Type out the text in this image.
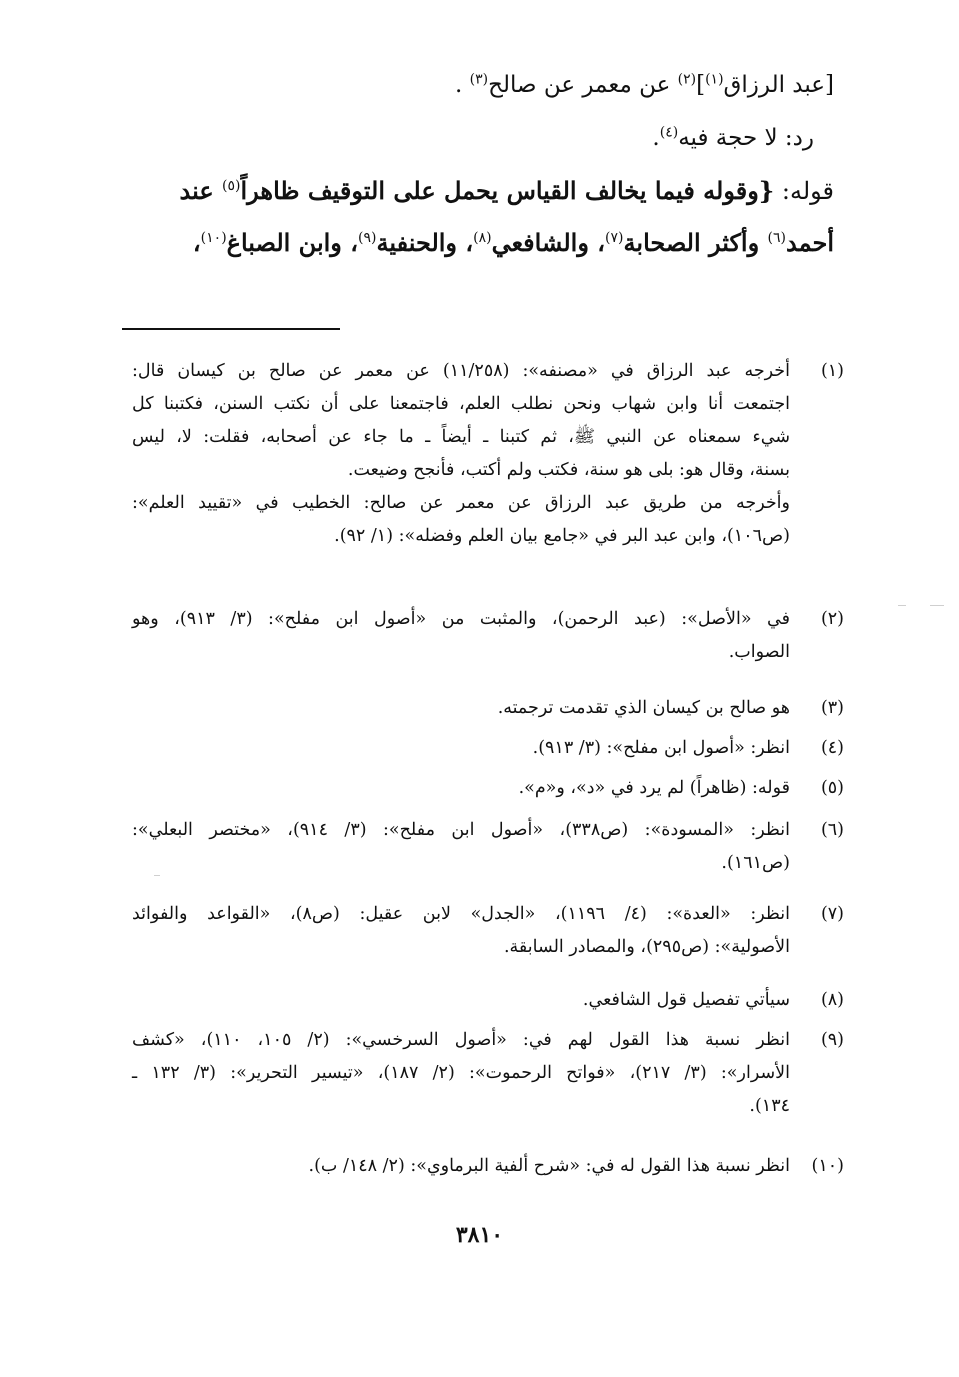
[عبد الرزاق$^{(١)}$]$^{(٢)}$ عن معمر عن صالح$^{(٣)}$ .
رد: لا حجة فيه$^{(٤)}$.
قوله: {وقوله فيما يخالف القياس يحمل على التوقيف ظاهراً$^{(٥)}$ عند
أحمد$^{(٦)}$ وأكثر الصحابة$^{(٧)}$، والشافعي$^{(٨)}$، والحنفية$^{(٩)}$، وابن الصباغ$^{(١٠)}$،
(١)
أخرجه عبد الرزاق في «مصنفه»: (١١/٢٥٨) عن معمر عن صالح بن كيسان قال:
اجتمعت أنا وابن شهاب ونحن نطلب العلم، فاجتمعنا على أن نكتب السنن، فكتبنا كل
شيء سمعناه عن النبي ﷺ، ثم كتبنا ـ أيضاً ـ ما جاء عن أصحابه، فقلت: لا، ليس
بسنة، وقال هو: بلى هو سنة، فكتب ولم أكتب، فأنجح وضيعت.
وأخرجه من طريق عبد الرزاق عن معمر عن صالح: الخطيب في «تقييد العلم»:
(ص١٠٦)، وابن عبد البر في «جامع بيان العلم وفضله»: (١/ ٩٢).
(٢)
في «الأصل»: (عبد الرحمن)، والمثبت من «أصول ابن مفلح»: (٣/ ٩١٣)، وهو
الصواب.
(٣)
هو صالح بن كيسان الذي تقدمت ترجمته.
(٤)
انظر: «أصول ابن مفلح»: (٣/ ٩١٣).
(٥)
قوله: (ظاهراً) لم يرد في «د»، و«م».
(٦)
انظر: «المسودة»: (ص٣٣٨)، «أصول ابن مفلح»: (٣/ ٩١٤)، «مختصر البعلي»:
(ص١٦١).
(٧)
انظر: «العدة»: (٤/ ١١٩٦)، «الجدل» لابن عقيل: (ص٨)، «القواعد والفوائد
الأصولية»: (ص٢٩٥)، والمصادر السابقة.
(٨)
سيأتي تفصيل قول الشافعي.
(٩)
انظر نسبة هذا القول لهم في: «أصول السرخسي»: (٢/ ١٠٥، ١١٠)، «كشف
الأسرار»: (٣/ ٢١٧)، «فواتح الرحموت»: (٢/ ١٨٧)، «تيسير التحرير»: (٣/ ١٣٢ ـ
١٣٤).
(١٠)
انظر نسبة هذا القول له في: «شرح ألفية البرماوي»: (٢/ ١٤٨/ ب).
٣٨١٠
